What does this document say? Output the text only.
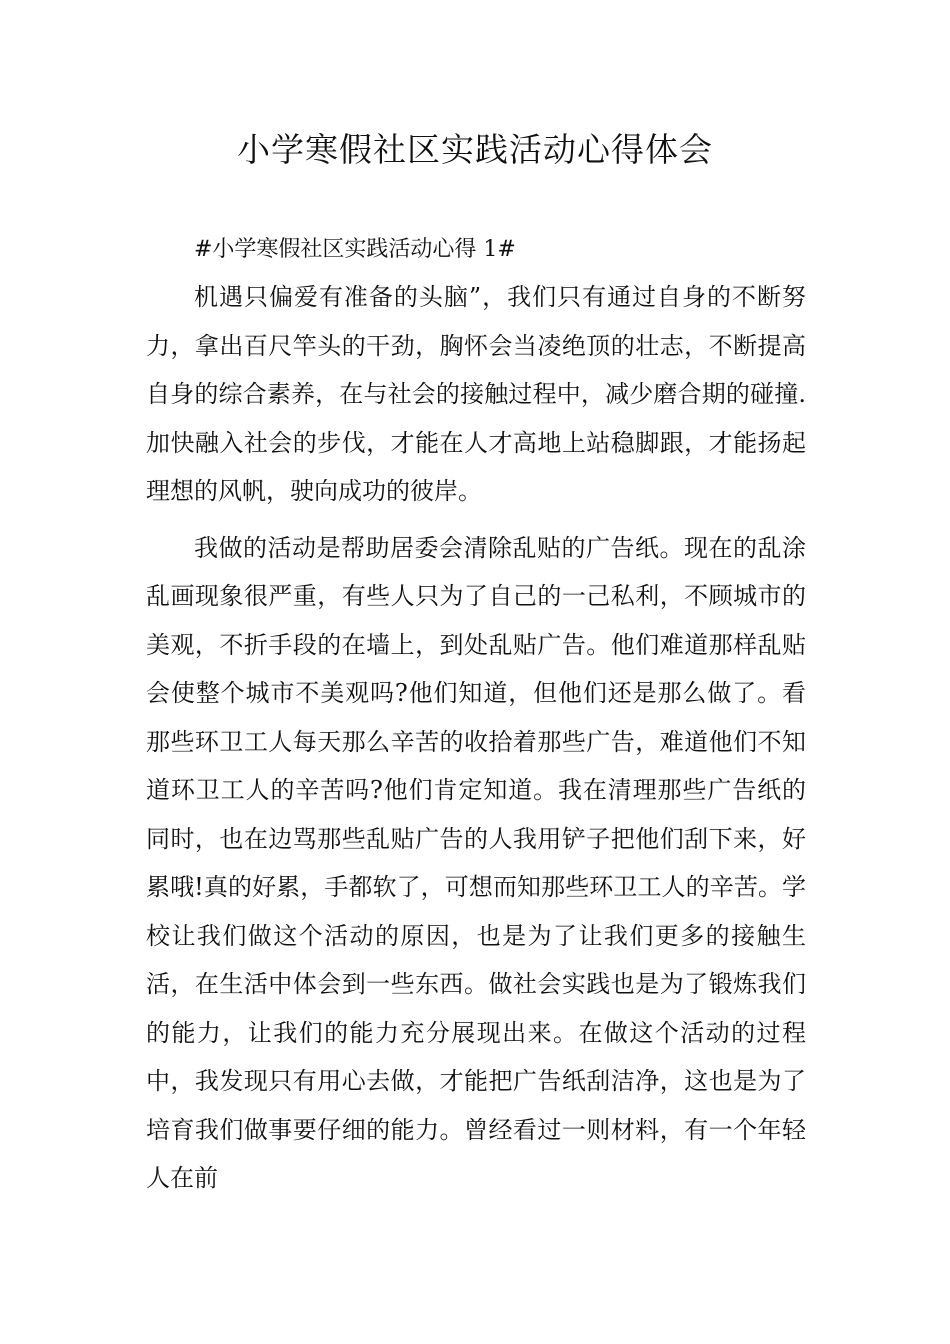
小学寒假社区实践活动心得体会

#小学寒假社区实践活动心得 1#

机遇只偏爱有准备的头脑”，我们只有通过自身的不断努力，拿出百尺竿头的干劲，胸怀会当凌绝顶的壮志，不断提高自身的综合素养，在与社会的接触过程中，减少磨合期的碰撞.加快融入社会的步伐，才能在人才高地上站稳脚跟，才能扬起理想的风帆，驶向成功的彼岸。

我做的活动是帮助居委会清除乱贴的广告纸。现在的乱涂乱画现象很严重，有些人只为了自己的一己私利，不顾城市的美观，不折手段的在墙上，到处乱贴广告。他们难道那样乱贴会使整个城市不美观吗?他们知道，但他们还是那么做了。看那些环卫工人每天那么辛苦的收拾着那些广告，难道他们不知道环卫工人的辛苦吗?他们肯定知道。我在清理那些广告纸的同时，也在边骂那些乱贴广告的人我用铲子把他们刮下来，好累哦!真的好累，手都软了，可想而知那些环卫工人的辛苦。学校让我们做这个活动的原因，也是为了让我们更多的接触生活，在生活中体会到一些东西。做社会实践也是为了锻炼我们的能力，让我们的能力充分展现出来。在做这个活动的过程中，我发现只有用心去做，才能把广告纸刮洁净，这也是为了培育我们做事要仔细的能力。曾经看过一则材料，有一个年轻人在前
